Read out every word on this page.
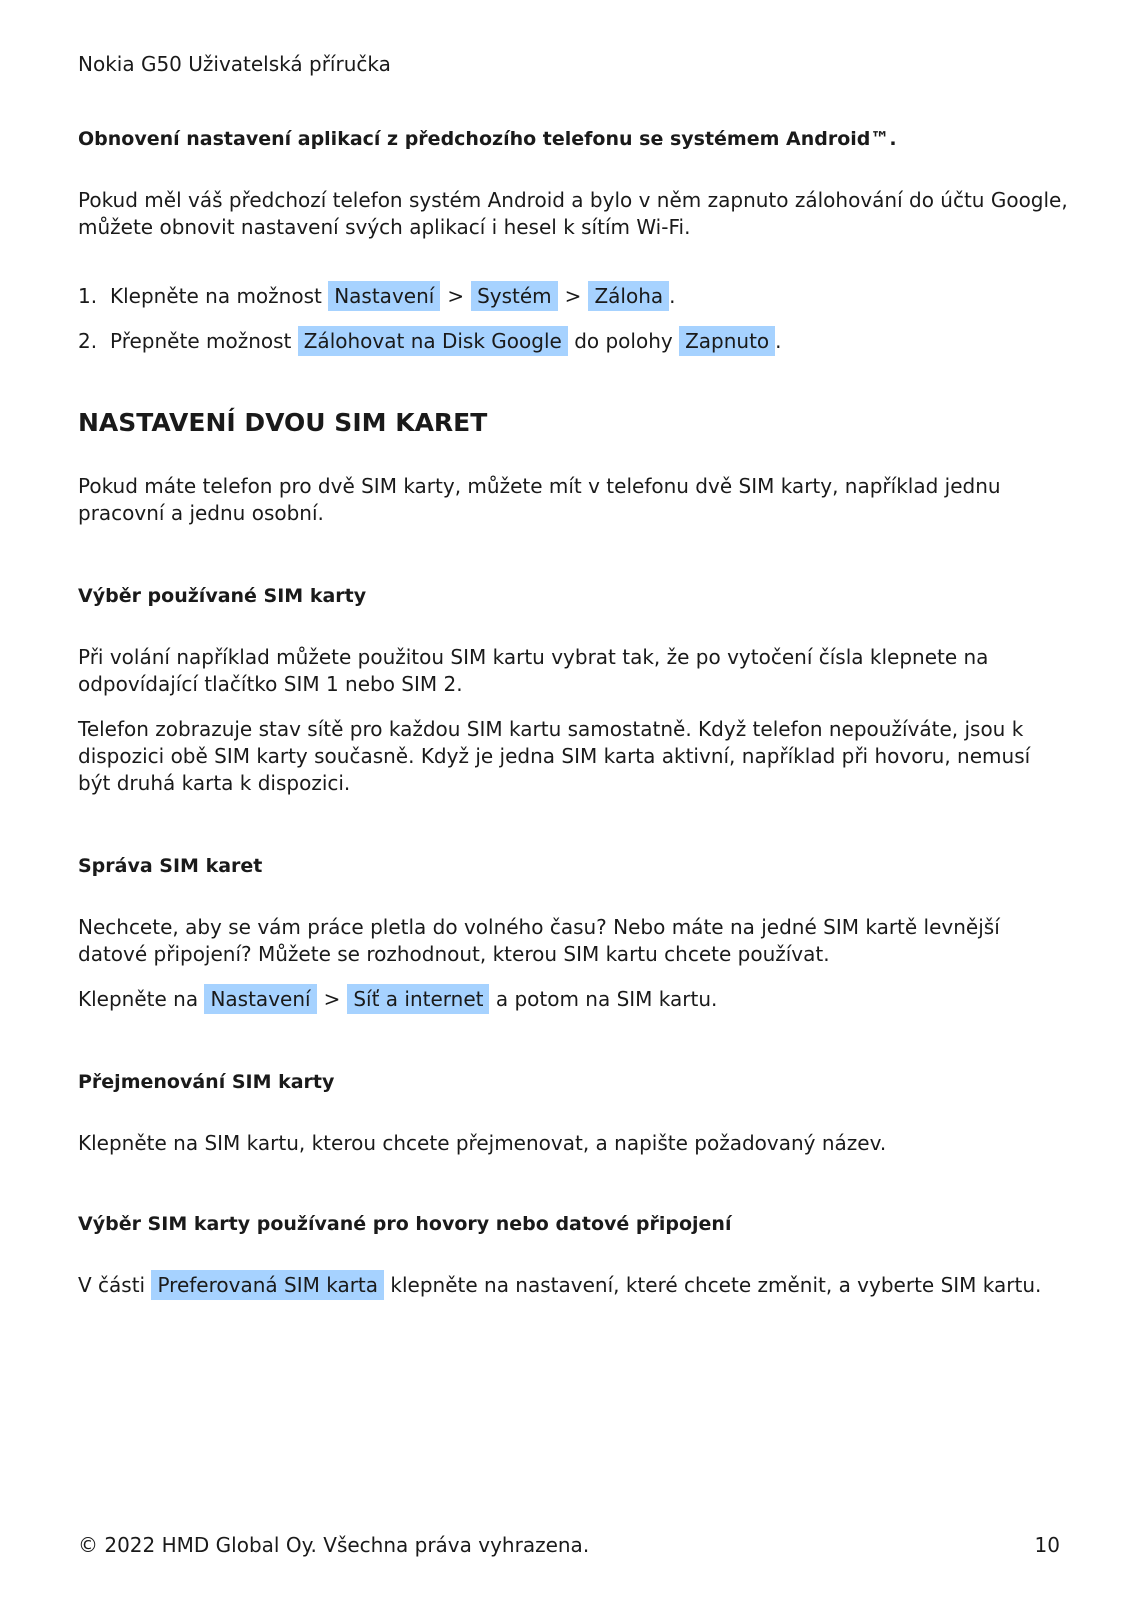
Nokia G50 Uživatelská příručka

Obnovení nastavení aplikací z předchozího telefonu se systémem Android™.

Pokud měl váš předchozí telefon systém Android a bylo v něm zapnuto zálohování do účtu Google, můžete obnovit nastavení svých aplikací i hesel k sítím Wi-Fi.

1. Klepněte na možnost Nastavení > Systém > Záloha .
2. Přepněte možnost Zálohovat na Disk Google do polohy Zapnuto .

NASTAVENÍ DVOU SIM KARET

Pokud máte telefon pro dvě SIM karty, můžete mít v telefonu dvě SIM karty, například jednu pracovní a jednu osobní.

Výběr používané SIM karty

Při volání například můžete použitou SIM kartu vybrat tak, že po vytočení čísla klepnete na odpovídající tlačítko SIM 1 nebo SIM 2.

Telefon zobrazuje stav sítě pro každou SIM kartu samostatně. Když telefon nepoužíváte, jsou k dispozici obě SIM karty současně. Když je jedna SIM karta aktivní, například při hovoru, nemusí být druhá karta k dispozici.

Správa SIM karet

Nechcete, aby se vám práce pletla do volného času? Nebo máte na jedné SIM kartě levnější datové připojení? Můžete se rozhodnout, kterou SIM kartu chcete používat.

Klepněte na Nastavení > Síť a internet a potom na SIM kartu.

Přejmenování SIM karty

Klepněte na SIM kartu, kterou chcete přejmenovat, a napište požadovaný název.

Výběr SIM karty používané pro hovory nebo datové připojení

V části Preferovaná SIM karta klepněte na nastavení, které chcete změnit, a vyberte SIM kartu.

© 2022 HMD Global Oy. Všechna práva vyhrazena.	10
